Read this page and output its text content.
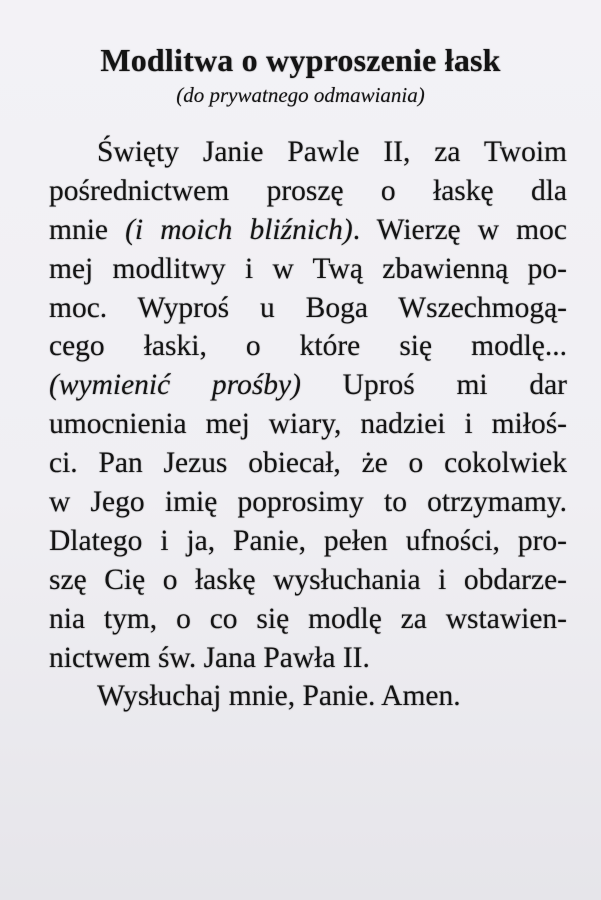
Modlitwa o wyproszenie łask
(do prywatnego odmawiania)
Święty Janie Pawle II, za Twoim
pośrednictwem proszę o łaskę dla
mnie (i moich bliźnich). Wierzę w moc
mej modlitwy i w Twą zbawienną po-
moc. Wyproś u Boga Wszechmogą-
cego łaski, o które się modlę...
(wymienić prośby) Uproś mi dar
umocnienia mej wiary, nadziei i miłoś-
ci. Pan Jezus obiecał, że o cokolwiek
w Jego imię poprosimy to otrzymamy.
Dlatego i ja, Panie, pełen ufności, pro-
szę Cię o łaskę wysłuchania i obdarze-
nia tym, o co się modlę za wstawien-
nictwem św. Jana Pawła II.
Wysłuchaj mnie, Panie. Amen.
